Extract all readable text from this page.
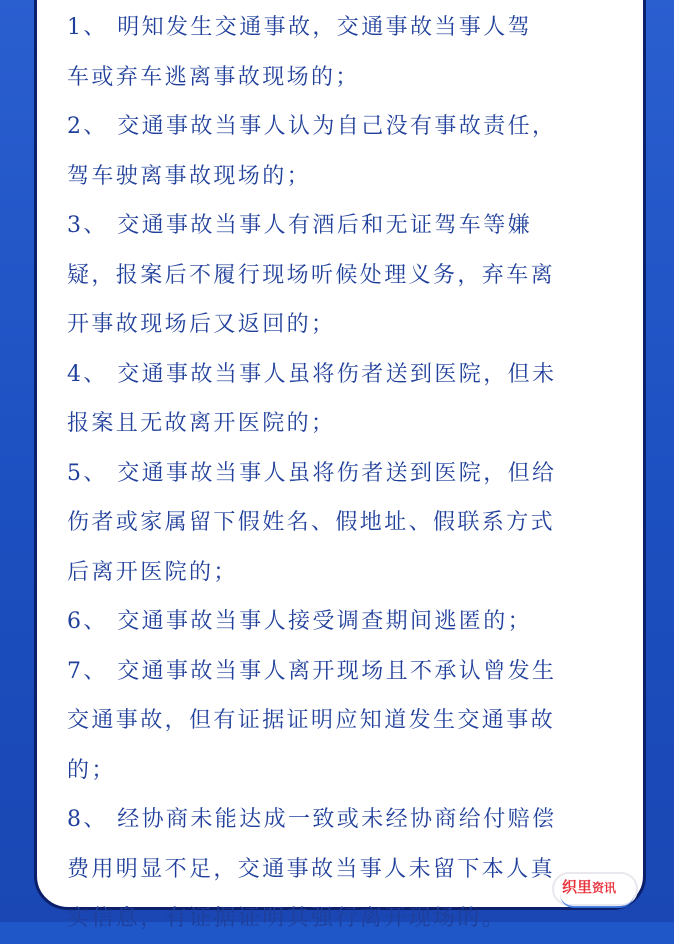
1、 明知发生交通事故，交通事故当事人驾
车或弃车逃离事故现场的；
2、 交通事故当事人认为自己没有事故责任，
驾车驶离事故现场的；
3、 交通事故当事人有酒后和无证驾车等嫌
疑，报案后不履行现场听候处理义务，弃车离
开事故现场后又返回的；
4、 交通事故当事人虽将伤者送到医院，但未
报案且无故离开医院的；
5、 交通事故当事人虽将伤者送到医院，但给
伤者或家属留下假姓名、假地址、假联系方式
后离开医院的；
6、 交通事故当事人接受调查期间逃匿的；
7、 交通事故当事人离开现场且不承认曾发生
交通事故，但有证据证明应知道发生交通事故
的；
8、 经协商未能达成一致或未经协商给付赔偿
费用明显不足，交通事故当事人未留下本人真
实信息，有证据证明其强行离开现场的。
织里资讯
